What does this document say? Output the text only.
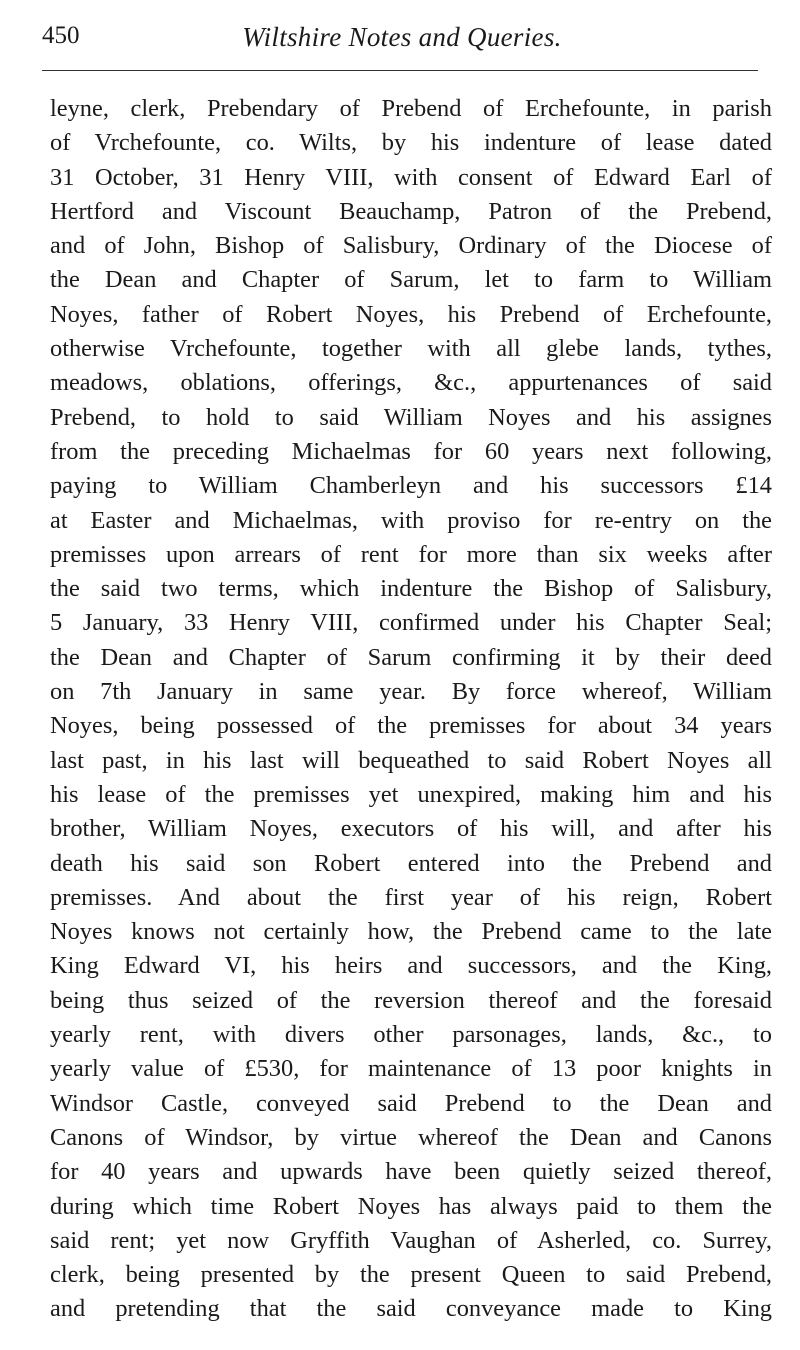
450	Wiltshire Notes and Queries.
leyne, clerk, Prebendary of Prebend of Erchefounte, in parish
of Vrchefounte, co. Wilts, by his indenture of lease dated
31 October, 31 Henry VIII, with consent of Edward Earl of
Hertford and Viscount Beauchamp, Patron of the Prebend,
and of John, Bishop of Salisbury, Ordinary of the Diocese of
the Dean and Chapter of Sarum, let to farm to William
Noyes, father of Robert Noyes, his Prebend of Erchefounte,
otherwise Vrchefounte, together with all glebe lands, tythes,
meadows, oblations, offerings, &c., appurtenances of said
Prebend, to hold to said William Noyes and his assignes
from the preceding Michaelmas for 60 years next following,
paying to William Chamberleyn and his successors £14
at Easter and Michaelmas, with proviso for re-entry on the
premisses upon arrears of rent for more than six weeks after
the said two terms, which indenture the Bishop of Salisbury,
5 January, 33 Henry VIII, confirmed under his Chapter Seal;
the Dean and Chapter of Sarum confirming it by their deed
on 7th January in same year. By force whereof, William
Noyes, being possessed of the premisses for about 34 years
last past, in his last will bequeathed to said Robert Noyes all
his lease of the premisses yet unexpired, making him and his
brother, William Noyes, executors of his will, and after his
death his said son Robert entered into the Prebend and
premisses. And about the first year of his reign, Robert
Noyes knows not certainly how, the Prebend came to the late
King Edward VI, his heirs and successors, and the King,
being thus seized of the reversion thereof and the foresaid
yearly rent, with divers other parsonages, lands, &c., to
yearly value of £530, for maintenance of 13 poor knights in
Windsor Castle, conveyed said Prebend to the Dean and
Canons of Windsor, by virtue whereof the Dean and Canons
for 40 years and upwards have been quietly seized thereof,
during which time Robert Noyes has always paid to them the
said rent; yet now Gryffith Vaughan of Asherled, co. Surrey,
clerk, being presented by the present Queen to said Prebend,
and pretending that the said conveyance made to King
